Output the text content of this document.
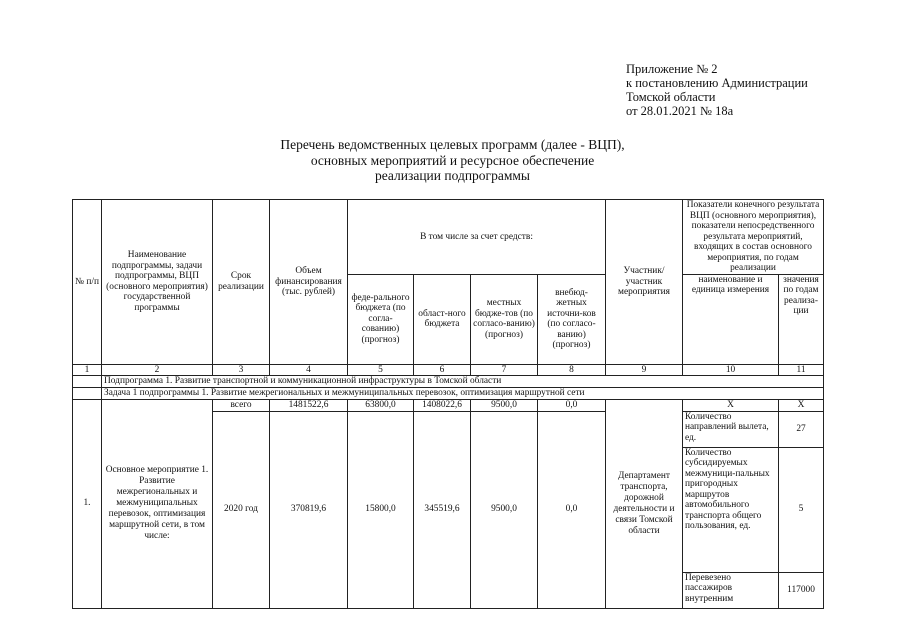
Приложение № 2
к постановлению Администрации
Томской области
от 28.01.2021 № 18а
Перечень ведомственных целевых программ (далее - ВЦП),
основных мероприятий и ресурсное обеспечение
реализации подпрограммы
№ п/п	Наименование подпрограммы, задачи подпрограммы, ВЦП (основного мероприятия) государственной программы	Срок реализации	Объем финансирования (тыс. рублей)	В том числе за счет средств:				Участник/ участник мероприятия	Показатели конечного результата ВЦП (основного мероприятия), показатели непосредственного результата мероприятий, входящих в состав основного мероприятия, по годам реализации	
				феде-рального бюджета (по согла-сованию) (прогноз)	област-ного бюджета	местных бюдже-тов (по согласо-ванию) (прогноз)	внебюд-жетных источни-ков (по согласо-ванию) (прогноз)		наименование и единица измерения	значения по годам реализа-ции
1	2	3	4	5	6	7	8	9	10	11
	Подпрограмма 1. Развитие транспортной и коммуникационной инфраструктуры в Томской области									
	Задача 1 подпрограммы 1. Развитие межрегиональных и межмуниципальных перевозок, оптимизация маршрутной сети									
1.	Основное мероприятие 1. Развитие межрегиональных и межмуниципальных перевозок, оптимизация маршрутной сети, в том числе:	всего	1481522,6	63800,0	1408022,6	9500,0	0,0	Департамент транспорта, дорожной деятельности и связи Томской области	X	X
		2020 год	370819,6	15800,0	345519,6	9500,0	0,0		Количество направлений вылета, ед.	27
									Количество субсидируемых межмуници-пальных пригородных маршрутов автомобильного транспорта общего пользования, ед.	5
									Перевезено пассажиров внутренним	117000
